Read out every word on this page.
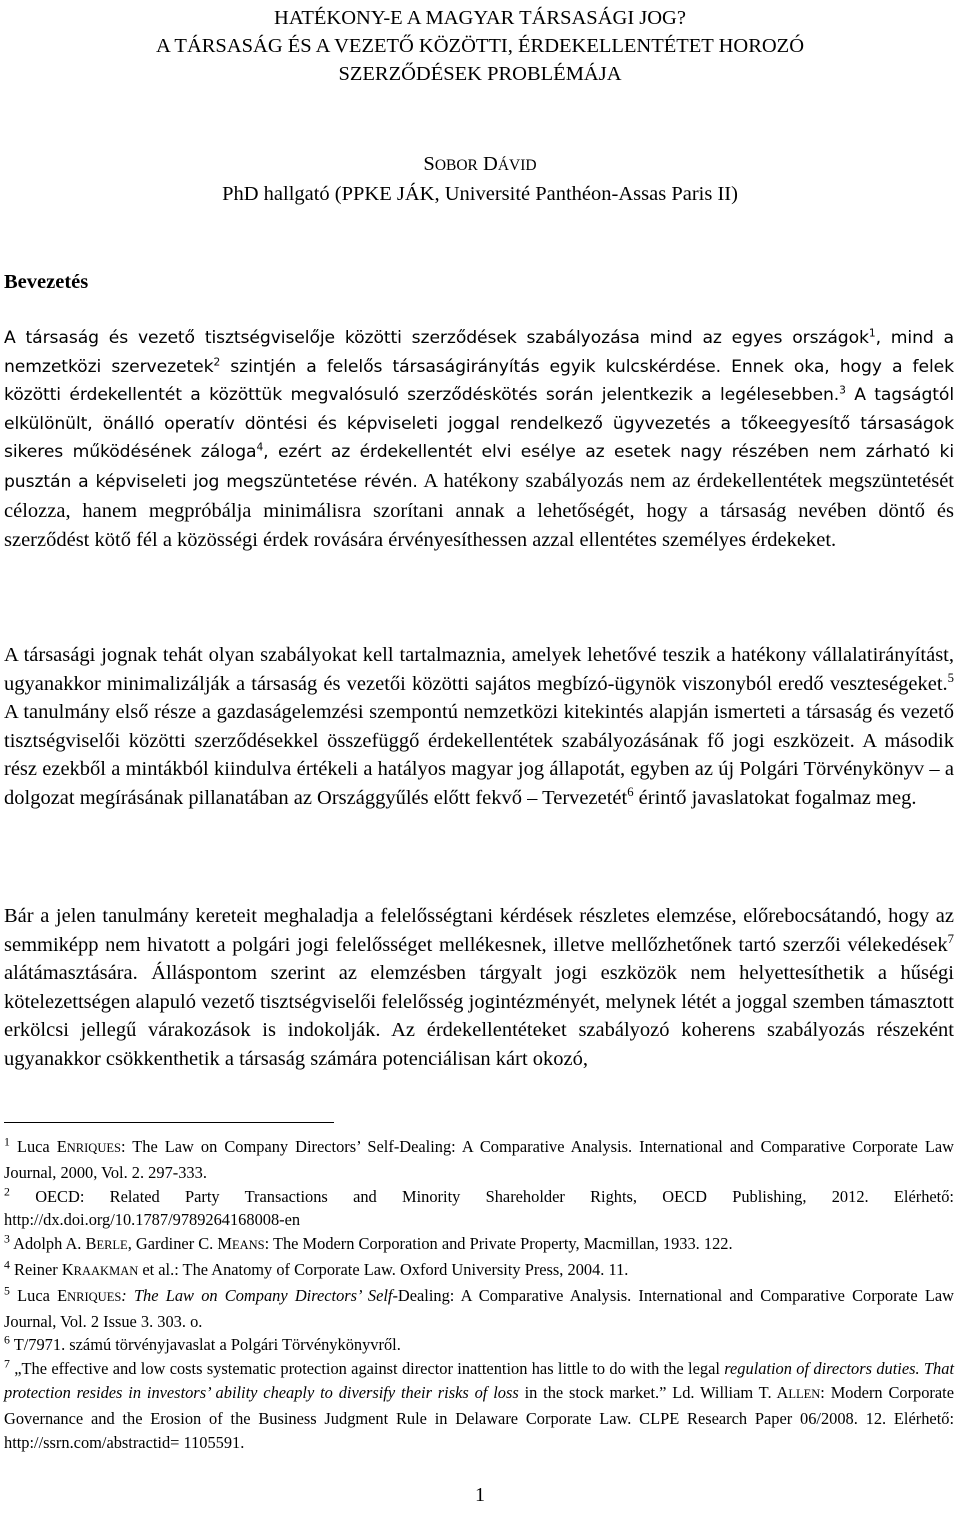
HATÉKONY-E A MAGYAR TÁRSASÁGI JOG?
A TÁRSASÁG ÉS A VEZETŐ KÖZÖTTI, ÉRDEKELLENTÉTET HOROZÓ
SZERZŐDÉSEK PROBLÉMÁJA
SOBOR DÁVID
PhD hallgató (PPKE JÁK, Université Panthéon-Assas Paris II)
Bevezetés
A társaság és vezető tisztségviselője közötti szerződések szabályozása mind az egyes országok$^1$, mind a nemzetközi szervezetek$^2$ szintjén a felelős társaságirányítás egyik kulcskérdése. Ennek oka, hogy a felek közötti érdekellentét a közöttük megvalósuló szerződéskötés során jelentkezik a legélesebben.$^3$ A tagságtól elkülönült, önálló operatív döntési és képviseleti joggal rendelkező ügyvezetés a tőkeegyesítő társaságok sikeres működésének záloga$^4$, ezért az érdekellentét elvi esélye az esetek nagy részében nem zárható ki pusztán a képviseleti jog megszüntetése révén. A hatékony szabályozás nem az érdekellentétek megszüntetését célozza, hanem megpróbálja minimálisra szorítani annak a lehetőségét, hogy a társaság nevében döntő és szerződést kötő fél a közösségi érdek rovására érvényesíthessen azzal ellentétes személyes érdekeket.
A társasági jognak tehát olyan szabályokat kell tartalmaznia, amelyek lehetővé teszik a hatékony vállalatirányítást, ugyanakkor minimalizálják a társaság és vezetői közötti sajátos megbízó-ügynök viszonyból eredő veszteségeket.$^5$ A tanulmány első része a gazdaságelemzési szempontú nemzetközi kitekintés alapján ismerteti a társaság és vezető tisztségviselői közötti szerződésekkel összefüggő érdekellentétek szabályozásának fő jogi eszközeit. A második rész ezekből a mintákból kiindulva értékeli a hatályos magyar jog állapotát, egyben az új Polgári Törvénykönyv – a dolgozat megírásának pillanatában az Országgyűlés előtt fekvő – Tervezetét$^6$ érintő javaslatokat fogalmaz meg.
Bár a jelen tanulmány kereteit meghaladja a felelősségtani kérdések részletes elemzése, előrebocsátandó, hogy az semmiképp nem hivatott a polgári jogi felelősséget mellékesnek, illetve mellőzhetőnek tartó szerzői vélekedések$^7$ alátámasztására. Álláspontom szerint az elemzésben tárgyalt jogi eszközök nem helyettesíthetik a hűségi kötelezettségen alapuló vezető tisztségviselői felelősség jogintézményét, melynek létét a joggal szemben támasztott erkölcsi jellegű várakozások is indokolják. Az érdekellentéteket szabályozó koherens szabályozás részeként ugyanakkor csökkenthetik a társaság számára potenciálisan kárt okozó,

$^1$ Luca ENRIQUES: The Law on Company Directors’ Self-Dealing: A Comparative Analysis. International and Comparative Corporate Law Journal, 2000, Vol. 2. 297-333.

$^2$ OECD: Related Party Transactions and Minority Shareholder Rights, OECD Publishing, 2012. Elérhető: http://dx.doi.org/10.1787/9789264168008-en

$^3$ Adolph A. BERLE, Gardiner C. MEANS: The Modern Corporation and Private Property, Macmillan, 1933. 122.

$^4$ Reiner KRAAKMAN et al.: The Anatomy of Corporate Law. Oxford University Press, 2004. 11.

$^5$ Luca ENRIQUES: The Law on Company Directors’ Self-Dealing: A Comparative Analysis. International and Comparative Corporate Law Journal, Vol. 2 Issue 3. 303. o.

$^6$ T/7971. számú törvényjavaslat a Polgári Törvénykönyvről.

$^7$ „The effective and low costs systematic protection against director inattention has little to do with the legal regulation of directors duties. That protection resides in investors’ ability cheaply to diversify their risks of loss in the stock market.” Ld. William T. ALLEN: Modern Corporate Governance and the Erosion of the Business Judgment Rule in Delaware Corporate Law. CLPE Research Paper 06/2008. 12. Elérhető: http://ssrn.com/abstractid= 1105591.

1
